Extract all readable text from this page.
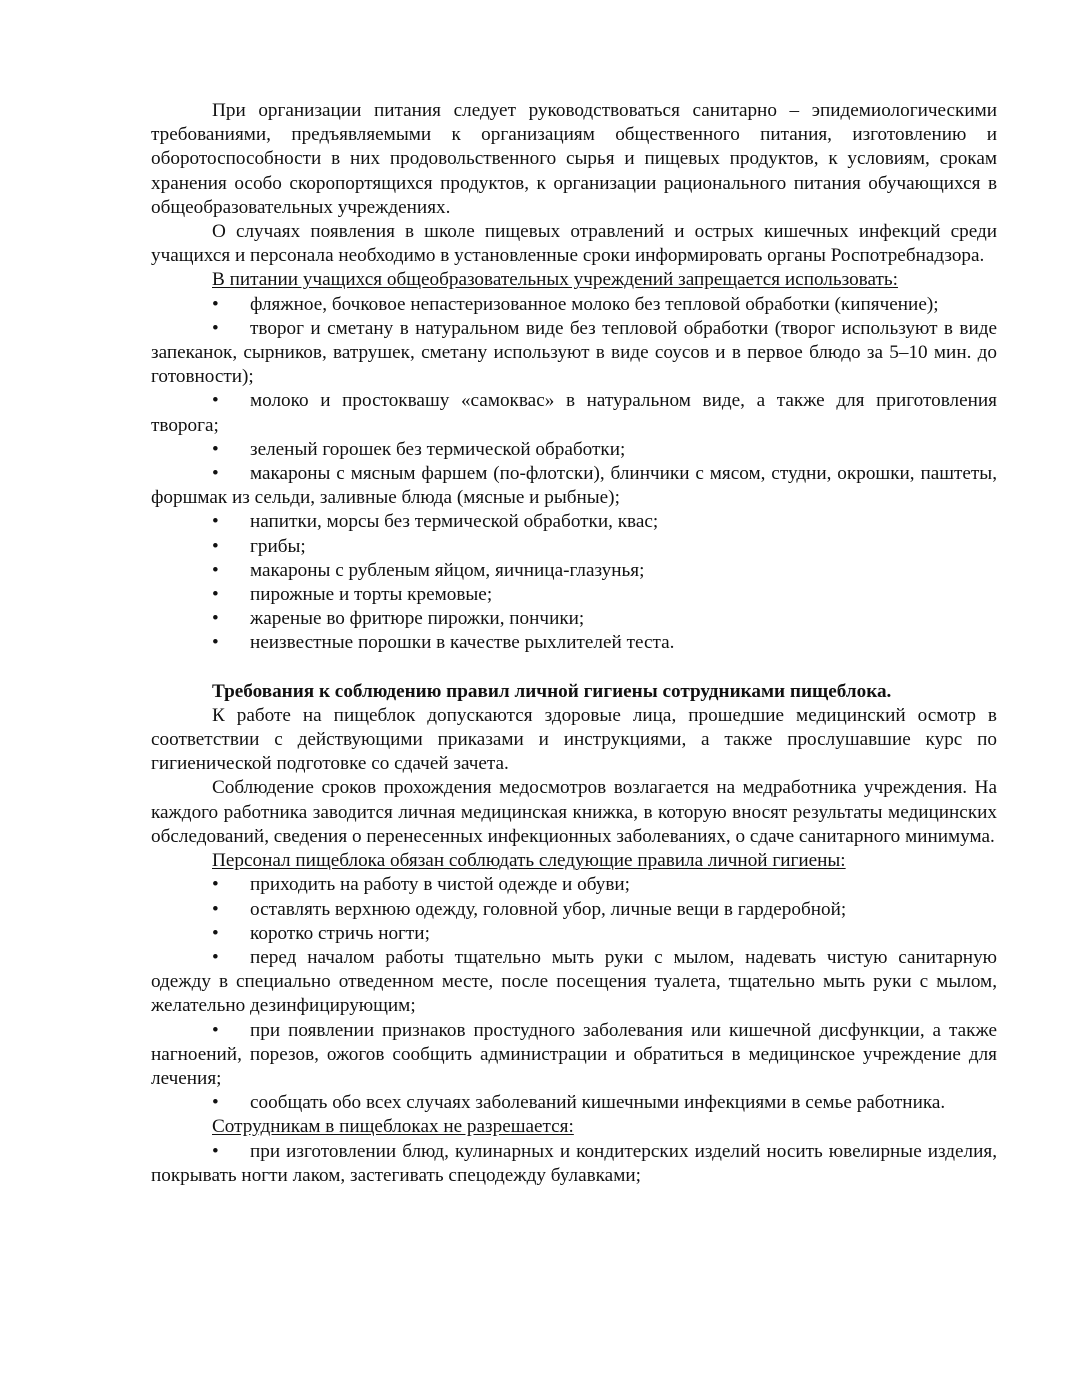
При организации питания следует руководствоваться санитарно – эпидемиологическими требованиями, предъявляемыми к организациям общественного питания, изготовлению и оборотоспособности в них продовольственного сырья и пищевых продуктов, к условиям, срокам хранения особо скоропортящихся продуктов, к организации рационального питания обучающихся в общеобразовательных учреждениях.

О случаях появления в школе пищевых отравлений и острых кишечных инфекций среди учащихся и персонала необходимо в установленные сроки информировать органы Роспотребнадзора.

В питании учащихся общеобразовательных учреждений запрещается использовать:

• фляжное, бочковое непастеризованное молоко без тепловой обработки (кипячение);

• творог и сметану в натуральном виде без тепловой обработки (творог используют в виде запеканок, сырников, ватрушек, сметану используют в виде соусов и в первое блюдо за 5–10 мин. до готовности);

• молоко и простоквашу «самоквас» в натуральном виде, а также для приготовления творога;

• зеленый горошек без термической обработки;

• макароны с мясным фаршем (по-флотски), блинчики с мясом, студни, окрошки, паштеты, форшмак из сельди, заливные блюда (мясные и рыбные);

• напитки, морсы без термической обработки, квас;

• грибы;

• макароны с рубленым яйцом, яичница-глазунья;

• пирожные и торты кремовые;

• жареные во фритюре пирожки, пончики;

• неизвестные порошки в качестве рыхлителей теста.

Требования к соблюдению правил личной гигиены сотрудниками пищеблока.

К работе на пищеблок допускаются здоровые лица, прошедшие медицинский осмотр в соответствии с действующими приказами и инструкциями, а также прослушавшие курс по гигиенической подготовке со сдачей зачета.

Соблюдение сроков прохождения медосмотров возлагается на медработника учреждения. На каждого работника заводится личная медицинская книжка, в которую вносят результаты медицинских обследований, сведения о перенесенных инфекционных заболеваниях, о сдаче санитарного минимума.

Персонал пищеблока обязан соблюдать следующие правила личной гигиены:

• приходить на работу в чистой одежде и обуви;

• оставлять верхнюю одежду, головной убор, личные вещи в гардеробной;

• коротко стричь ногти;

• перед началом работы тщательно мыть руки с мылом, надевать чистую санитарную одежду в специально отведенном месте, после посещения туалета, тщательно мыть руки с мылом, желательно дезинфицирующим;

• при появлении признаков простудного заболевания или кишечной дисфункции, а также нагноений, порезов, ожогов сообщить администрации и обратиться в медицинское учреждение для лечения;

• сообщать обо всех случаях заболеваний кишечными инфекциями в семье работника.

Сотрудникам в пищеблоках не разрешается:

• при изготовлении блюд, кулинарных и кондитерских изделий носить ювелирные изделия, покрывать ногти лаком, застегивать спецодежду булавками;
